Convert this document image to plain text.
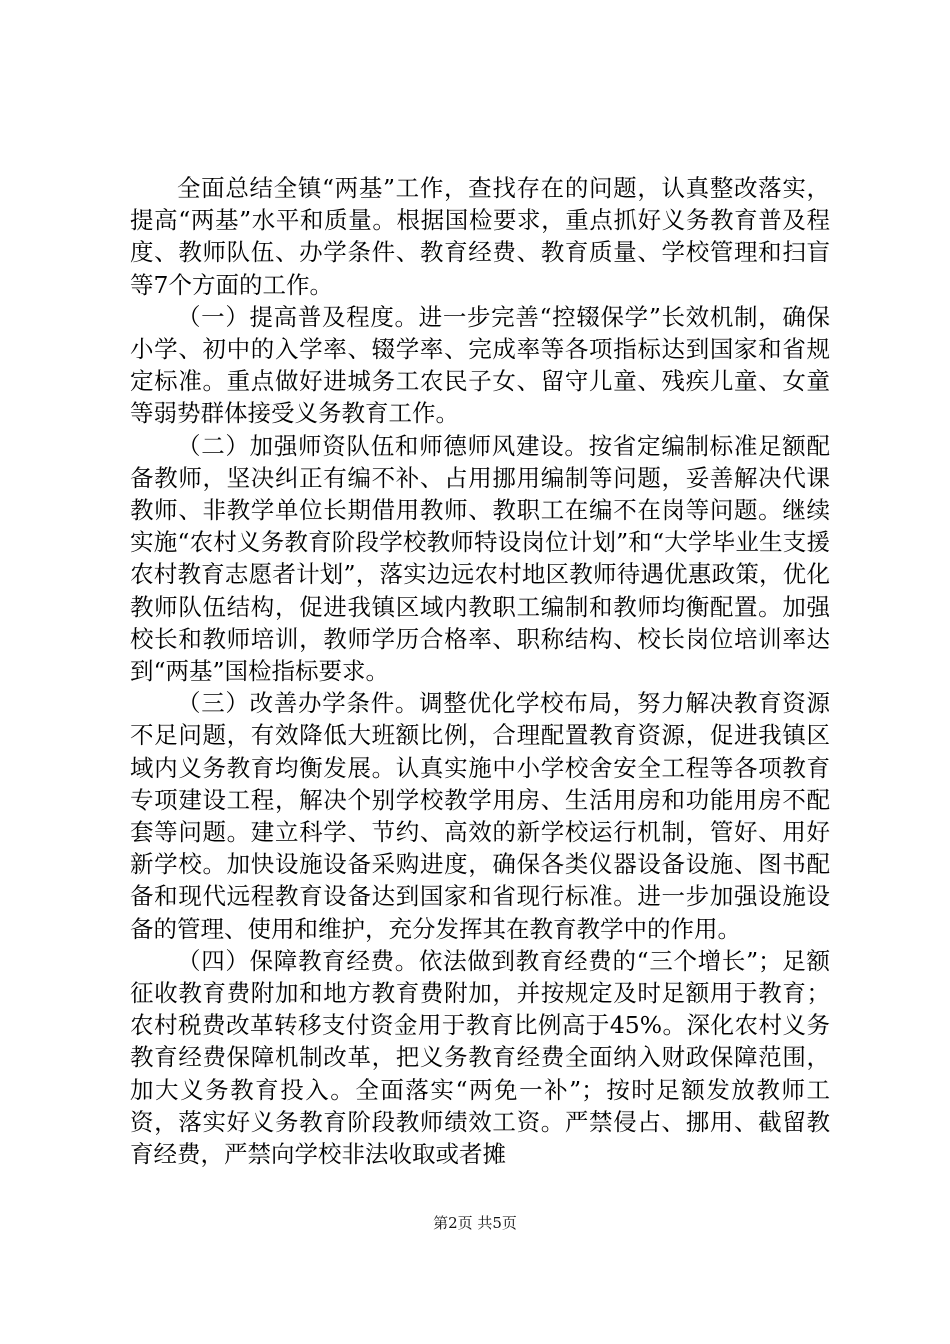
全面总结全镇“两基”工作，查找存在的问题，认真整改落实，提高“两基”水平和质量。根据国检要求，重点抓好义务教育普及程度、教师队伍、办学条件、教育经费、教育质量、学校管理和扫盲等7个方面的工作。

（一）提高普及程度。进一步完善“控辍保学”长效机制，确保小学、初中的入学率、辍学率、完成率等各项指标达到国家和省规定标准。重点做好进城务工农民子女、留守儿童、残疾儿童、女童等弱势群体接受义务教育工作。

（二）加强师资队伍和师德师风建设。按省定编制标准足额配备教师，坚决纠正有编不补、占用挪用编制等问题，妥善解决代课教师、非教学单位长期借用教师、教职工在编不在岗等问题。继续实施“农村义务教育阶段学校教师特设岗位计划”和“大学毕业生支援农村教育志愿者计划”，落实边远农村地区教师待遇优惠政策，优化教师队伍结构，促进我镇区域内教职工编制和教师均衡配置。加强校长和教师培训，教师学历合格率、职称结构、校长岗位培训率达到“两基”国检指标要求。

（三）改善办学条件。调整优化学校布局，努力解决教育资源不足问题，有效降低大班额比例，合理配置教育资源，促进我镇区域内义务教育均衡发展。认真实施中小学校舍安全工程等各项教育专项建设工程，解决个别学校教学用房、生活用房和功能用房不配套等问题。建立科学、节约、高效的新学校运行机制，管好、用好新学校。加快设施设备采购进度，确保各类仪器设备设施、图书配备和现代远程教育设备达到国家和省现行标准。进一步加强设施设备的管理、使用和维护，充分发挥其在教育教学中的作用。

（四）保障教育经费。依法做到教育经费的“三个增长”；足额征收教育费附加和地方教育费附加，并按规定及时足额用于教育；农村税费改革转移支付资金用于教育比例高于45%。深化农村义务教育经费保障机制改革，把义务教育经费全面纳入财政保障范围，加大义务教育投入。全面落实“两免一补”；按时足额发放教师工资，落实好义务教育阶段教师绩效工资。严禁侵占、挪用、截留教育经费，严禁向学校非法收取或者摊

第2页 共5页
